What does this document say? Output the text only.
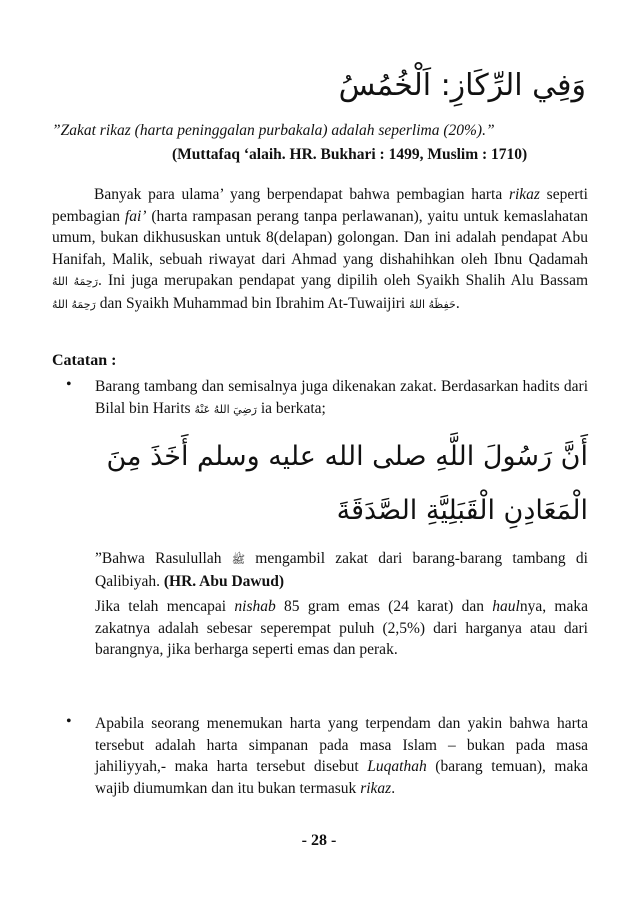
وَفِي الرِّكَازِ: اَلْخُمُسُ
”Zakat rikaz (harta peninggalan purbakala) adalah seperlima (20%).”
(Muttafaq ‘alaih. HR. Bukhari : 1499, Muslim : 1710)
Banyak para ulama’ yang berpendapat bahwa pembagian harta rikaz seperti pembagian fai’ (harta rampasan perang tanpa perlawanan), yaitu untuk kemaslahatan umum, bukan dikhususkan untuk 8(delapan) golongan. Dan ini adalah pendapat Abu Hanifah, Malik, sebuah riwayat dari Ahmad yang dishahihkan oleh Ibnu Qadamah رَحِمَهُ اللهُ. Ini juga merupakan pendapat yang dipilih oleh Syaikh Shalih Alu Bassam رَحِمَهُ اللهُ dan Syaikh Muhammad bin Ibrahim At-Tuwaijiri حَفِظَهُ اللهُ.
Catatan :
• Barang tambang dan semisalnya juga dikenakan zakat. Berdasarkan hadits dari Bilal bin Harits رَضِيَ اللهُ عَنْهُ ia berkata;
أَنَّ رَسُولَ اللَّهِ صلى الله عليه وسلم أَخَذَ مِنَ الْمَعَادِنِ الْقَبَلِيَّةِ الصَّدَقَةَ
”Bahwa Rasulullah ﷺ mengambil zakat dari barang-barang tambang di Qalibiyah. (HR. Abu Dawud)
Jika telah mencapai nishab 85 gram emas (24 karat) dan haulnya, maka zakatnya adalah sebesar seperempat puluh (2,5%) dari harganya atau dari barangnya, jika berharga seperti emas dan perak.
• Apabila seorang menemukan harta yang terpendam dan yakin bahwa harta tersebut adalah harta simpanan pada masa Islam – bukan pada masa jahiliyyah,- maka harta tersebut disebut Luqathah (barang temuan), maka wajib diumumkan dan itu bukan termasuk rikaz.
- 28 -
